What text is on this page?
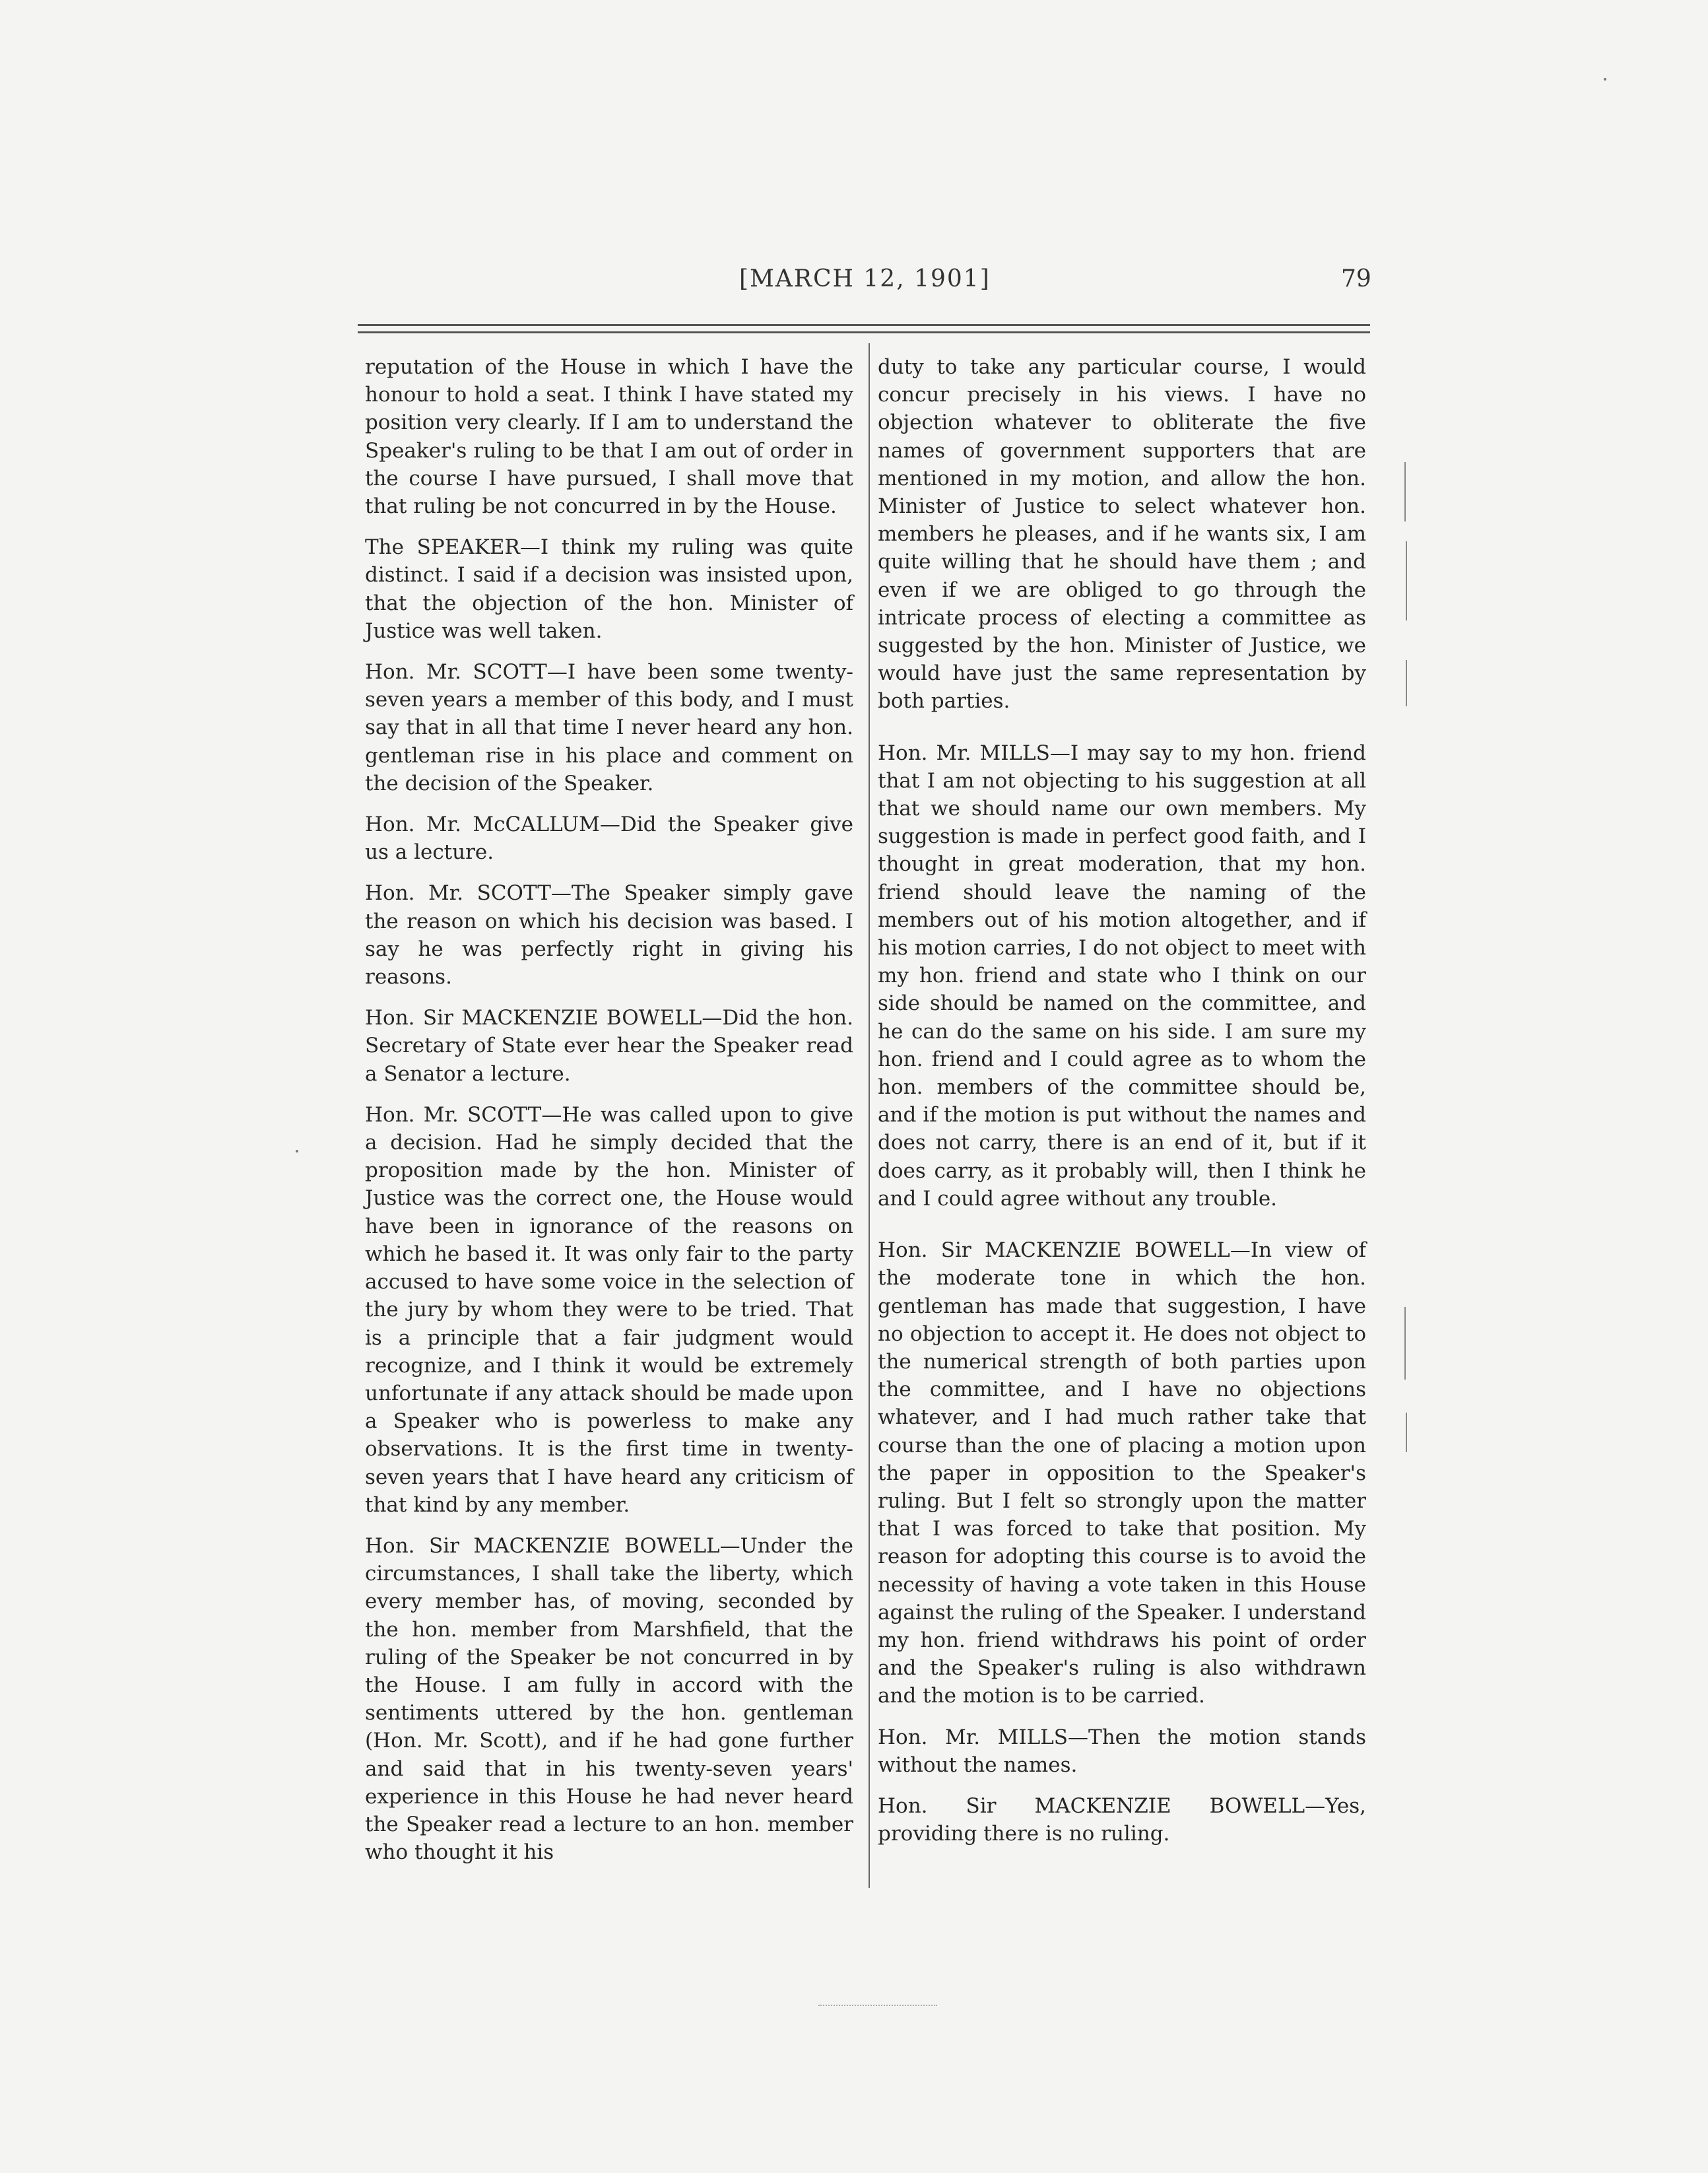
[MARCH 12, 1901]	79

reputation of the House in which I have the honour to hold a seat. I think I have stated my position very clearly. If I am to understand the Speaker's ruling to be that I am out of order in the course I have pursued, I shall move that that ruling be not concurred in by the House.

The SPEAKER—I think my ruling was quite distinct. I said if a decision was insisted upon, that the objection of the hon. Minister of Justice was well taken.

Hon. Mr. SCOTT—I have been some twenty-seven years a member of this body, and I must say that in all that time I never heard any hon. gentleman rise in his place and comment on the decision of the Speaker.

Hon. Mr. McCALLUM—Did the Speaker give us a lecture.

Hon. Mr. SCOTT—The Speaker simply gave the reason on which his decision was based. I say he was perfectly right in giving his reasons.

Hon. Sir MACKENZIE BOWELL—Did the hon. Secretary of State ever hear the Speaker read a Senator a lecture.

Hon. Mr. SCOTT—He was called upon to give a decision. Had he simply decided that the proposition made by the hon. Minister of Justice was the correct one, the House would have been in ignorance of the reasons on which he based it. It was only fair to the party accused to have some voice in the selection of the jury by whom they were to be tried. That is a principle that a fair judgment would recognize, and I think it would be extremely unfortunate if any attack should be made upon a Speaker who is powerless to make any observations. It is the first time in twenty-seven years that I have heard any criticism of that kind by any member.

Hon. Sir MACKENZIE BOWELL—Under the circumstances, I shall take the liberty, which every member has, of moving, seconded by the hon. member from Marshfield, that the ruling of the Speaker be not concurred in by the House. I am fully in accord with the sentiments uttered by the hon. gentleman (Hon. Mr. Scott), and if he had gone further and said that in his twenty-seven years' experience in this House he had never heard the Speaker read a lecture to an hon. member who thought it his

duty to take any particular course, I would concur precisely in his views. I have no objection whatever to obliterate the five names of government supporters that are mentioned in my motion, and allow the hon. Minister of Justice to select whatever hon. members he pleases, and if he wants six, I am quite willing that he should have them ; and even if we are obliged to go through the intricate process of electing a committee as suggested by the hon. Minister of Justice, we would have just the same representation by both parties.

Hon. Mr. MILLS—I may say to my hon. friend that I am not objecting to his suggestion at all that we should name our own members. My suggestion is made in perfect good faith, and I thought in great moderation, that my hon. friend should leave the naming of the members out of his motion altogether, and if his motion carries, I do not object to meet with my hon. friend and state who I think on our side should be named on the committee, and he can do the same on his side. I am sure my hon. friend and I could agree as to whom the hon. members of the committee should be, and if the motion is put without the names and does not carry, there is an end of it, but if it does carry, as it probably will, then I think he and I could agree without any trouble.

Hon. Sir MACKENZIE BOWELL—In view of the moderate tone in which the hon. gentleman has made that suggestion, I have no objection to accept it. He does not object to the numerical strength of both parties upon the committee, and I have no objections whatever, and I had much rather take that course than the one of placing a motion upon the paper in opposition to the Speaker's ruling. But I felt so strongly upon the matter that I was forced to take that position. My reason for adopting this course is to avoid the necessity of having a vote taken in this House against the ruling of the Speaker. I understand my hon. friend withdraws his point of order and the Speaker's ruling is also withdrawn and the motion is to be carried.

Hon. Mr. MILLS—Then the motion stands without the names.

Hon. Sir MACKENZIE BOWELL—Yes, providing there is no ruling.
